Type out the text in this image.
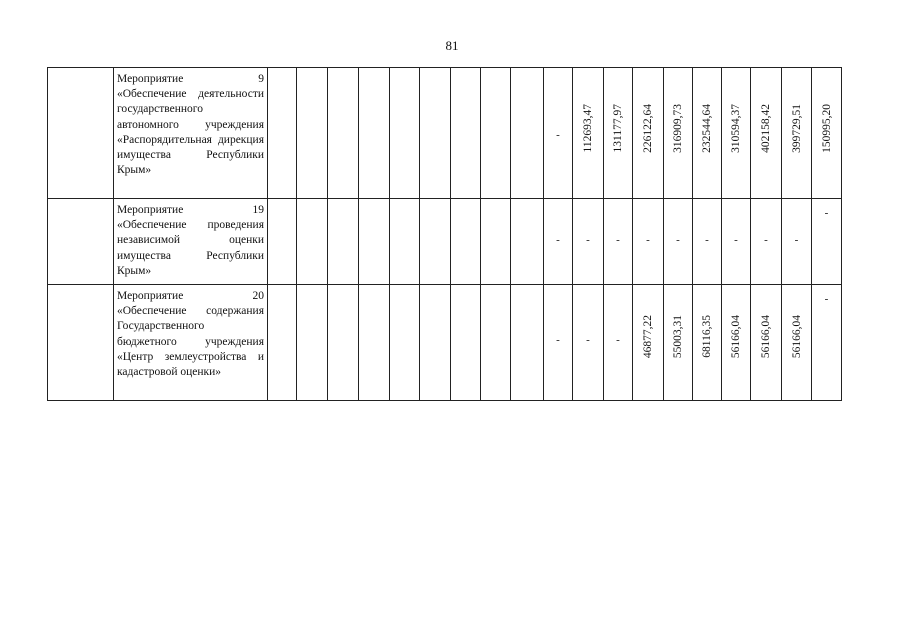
81

	Мероприятие 9
«Обеспечение деятельности государственного автономного учреждения «Распорядительная дирекция имущества Республики Крым»										-	112693,47	131177,97	226122,64	316909,73	232544,64	310594,37	402158,42	399729,51	150995,20

	Мероприятие 19
«Обеспечение проведения независимой оценки имущества Республики Крым»										-	-	-	-	-	-	-	-	-	-

	Мероприятие 20
«Обеспечение содержания Государственного бюджетного учреждения «Центр землеустройства и кадастровой оценки»										-	-	-	46877,22	55003,31	68116,35	56166,04	56166,04	56166,04	-
